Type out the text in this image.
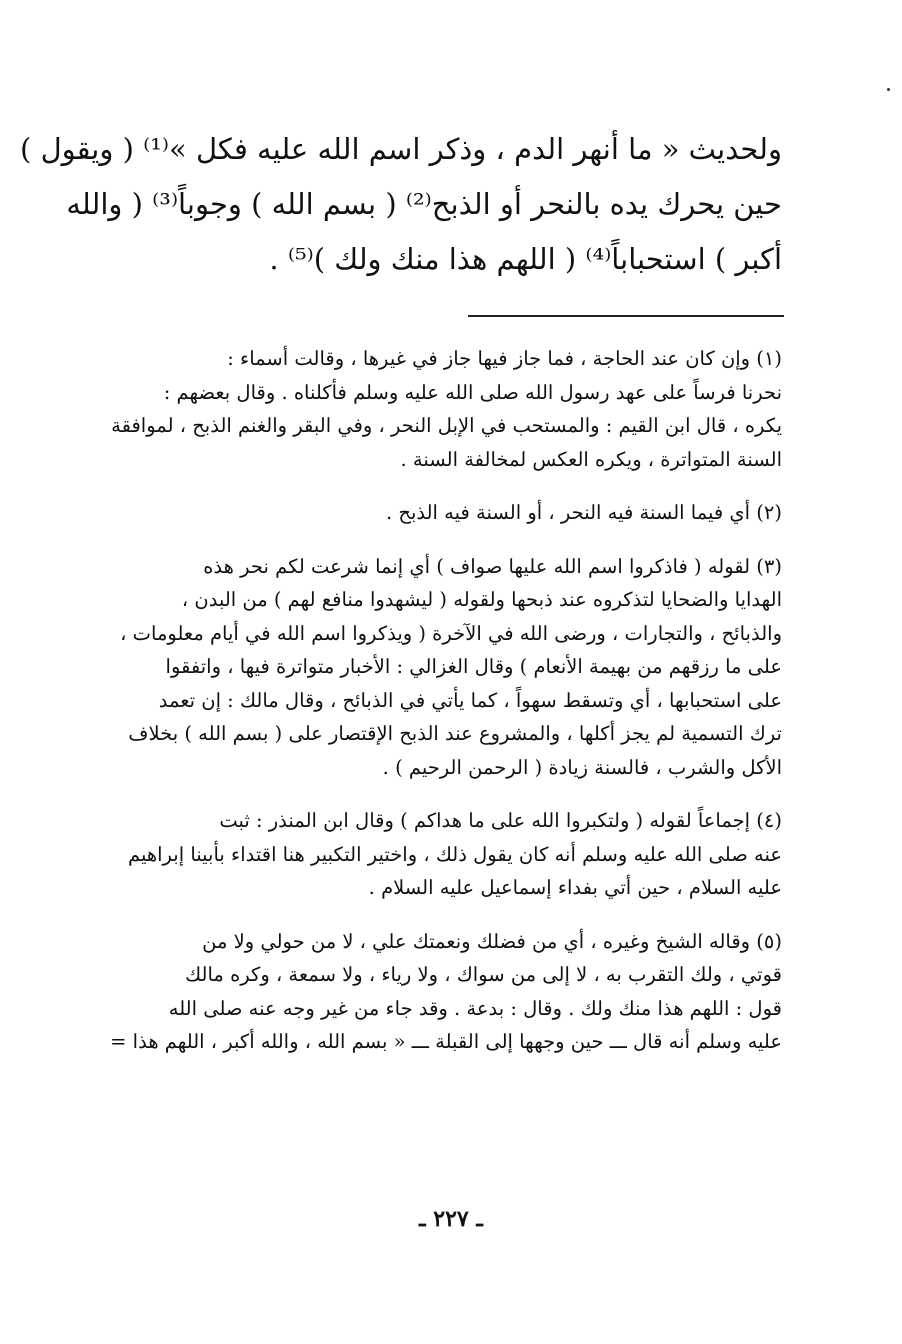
ولحديث « ما أنهر الدم ، وذكر اسم الله عليه فكل »⁽¹⁾ ( ويقول )
حين يحرك يده بالنحر أو الذبح⁽²⁾ ( بسم الله ) وجوباً⁽³⁾ ( والله
أكبر ) استحباباً⁽⁴⁾ ( اللهم هذا منك ولك )⁽⁵⁾ .
(١) وإن كان عند الحاجة ، فما جاز فيها جاز في غيرها ، وقالت أسماء :
نحرنا فرساً على عهد رسول الله صلى الله عليه وسلم فأكلناه . وقال بعضهم :
يكره ، قال ابن القيم : والمستحب في الإبل النحر ، وفي البقر والغنم الذبح ، لموافقة
السنة المتواترة ، ويكره العكس لمخالفة السنة .
(٢) أي فيما السنة فيه النحر ، أو السنة فيه الذبح .
(٣) لقوله ( فاذكروا اسم الله عليها صواف ) أي إنما شرعت لكم نحر هذه
الهدايا والضحايا لتذكروه عند ذبحها ولقوله ( ليشهدوا منافع لهم ) من البدن ،
والذبائح ، والتجارات ، ورضى الله في الآخرة ( ويذكروا اسم الله في أيام معلومات ،
على ما رزقهم من بهيمة الأنعام ) وقال الغزالي : الأخبار متواترة فيها ، واتفقوا
على استحبابها ، أي وتسقط سهواً ، كما يأتي في الذبائح ، وقال مالك : إن تعمد
ترك التسمية لم يجز أكلها ، والمشروع عند الذبح الإقتصار على ( بسم الله ) بخلاف
الأكل والشرب ، فالسنة زيادة ( الرحمن الرحيم ) .
(٤) إجماعاً لقوله ( ولتكبروا الله على ما هداكم ) وقال ابن المنذر : ثبت
عنه صلى الله عليه وسلم أنه كان يقول ذلك ، واختير التكبير هنا اقتداء بأبينا إبراهيم
عليه السلام ، حين أتي بفداء إسماعيل عليه السلام .
(٥) وقاله الشيخ وغيره ، أي من فضلك ونعمتك علي ، لا من حولي ولا من
قوتي ، ولك التقرب به ، لا إلى من سواك ، ولا رياء ، ولا سمعة ، وكره مالك
قول : اللهم هذا منك ولك . وقال : بدعة . وقد جاء من غير وجه عنه صلى الله
عليه وسلم أنه قال ـــ حين وجهها إلى القبلة ـــ « بسم الله ، والله أكبر ، اللهم هذا =
ـ ٢٢٧ ـ
